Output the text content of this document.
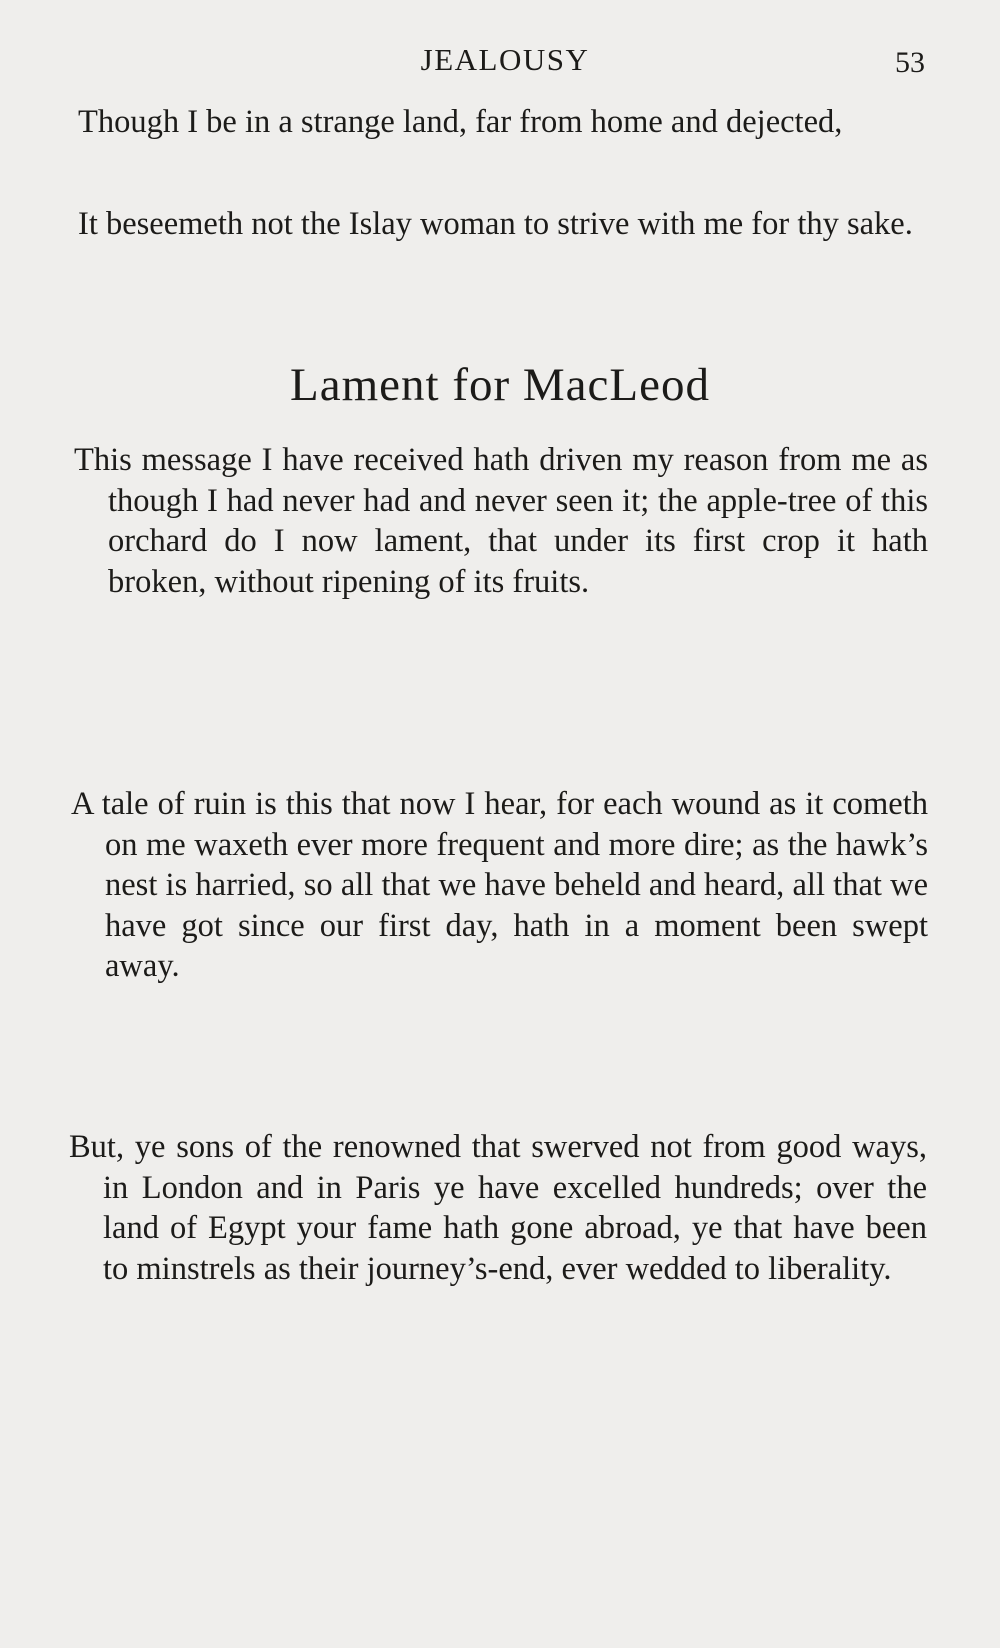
JEALOUSY	53

Though I be in a strange land, far from home and dejected,

It beseemeth not the Islay woman to strive with me for thy sake.

Lament for MacLeod

This message I have received hath driven my reason from me as though I had never had and never seen it; the apple-tree of this orchard do I now lament, that under its first crop it hath broken, without ripening of its fruits.

A tale of ruin is this that now I hear, for each wound as it cometh on me waxeth ever more frequent and more dire; as the hawk’s nest is harried, so all that we have beheld and heard, all that we have got since our first day, hath in a moment been swept away.

But, ye sons of the renowned that swerved not from good ways, in London and in Paris ye have excelled hundreds; over the land of Egypt your fame hath gone abroad, ye that have been to minstrels as their journey’s-end, ever wedded to liberality.
